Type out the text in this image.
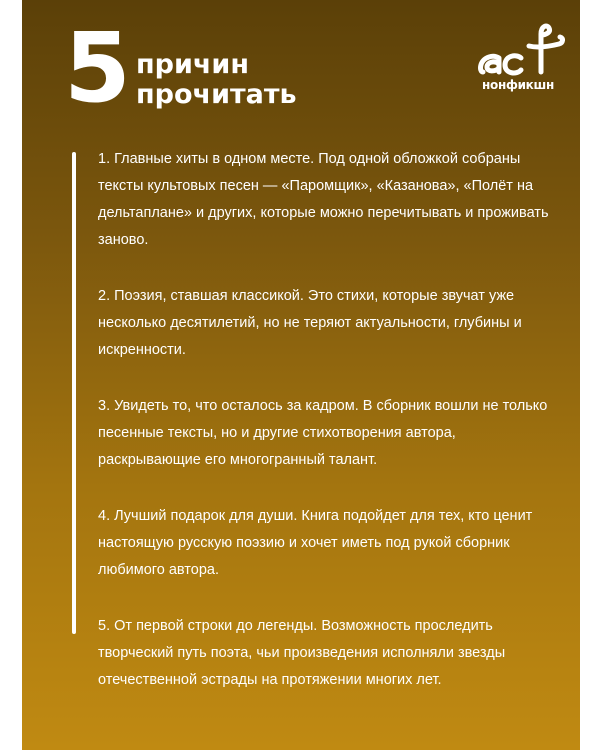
5 причин
прочитать	нонфикшн
1. Главные хиты в одном месте. Под одной обложкой собраны тексты культовых песен — «Паромщик», «Казанова», «Полёт на дельтаплане» и других, которые можно перечитывать и проживать заново.
2. Поэзия, ставшая классикой. Это стихи, которые звучат уже несколько десятилетий, но не теряют актуальности, глубины и искренности.
3. Увидеть то, что осталось за кадром. В сборник вошли не только песенные тексты, но и другие стихотворения автора, раскрывающие его многогранный талант.
4. Лучший подарок для души. Книга подойдет для тех, кто ценит настоящую русскую поэзию и хочет иметь под рукой сборник любимого автора.
5. От первой строки до легенды. Возможность проследить творческий путь поэта, чьи произведения исполняли звезды отечественной эстрады на протяжении многих лет.
